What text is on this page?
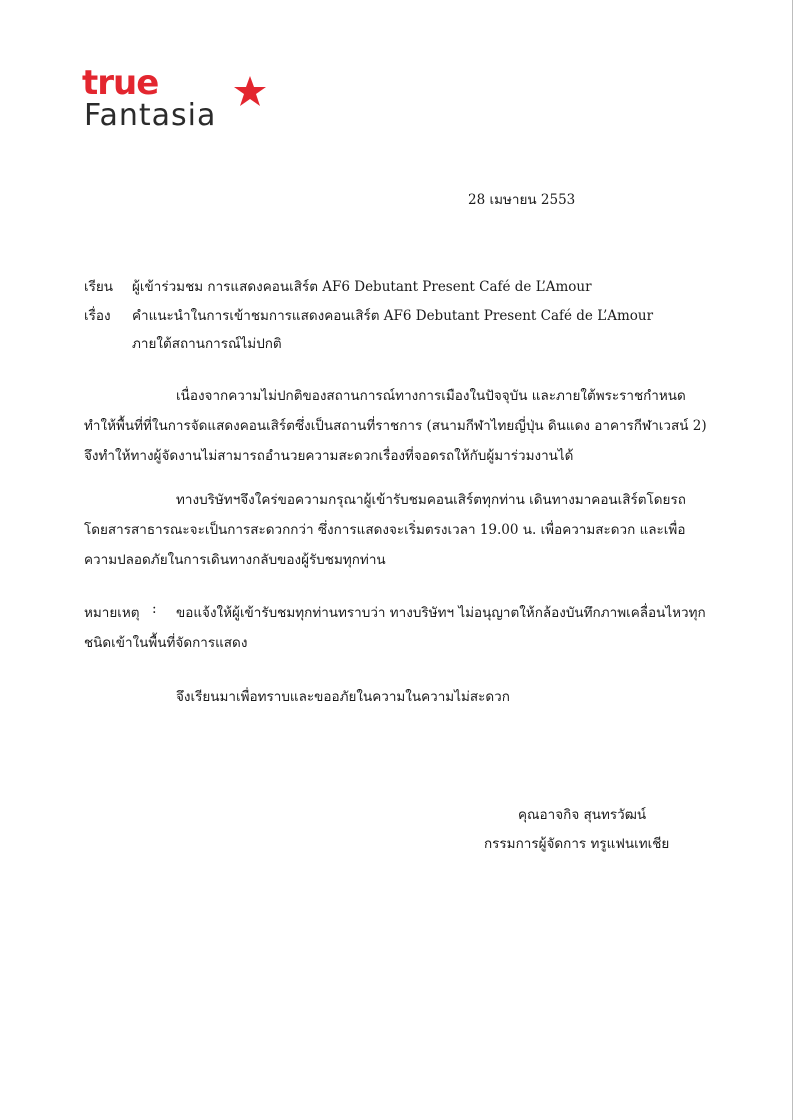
true
Fantasia
28 เมษายน 2553
เรียน ผู้เข้าร่วมชม การแสดงคอนเสิร์ต AF6 Debutant Present Café de L’Amour
เรื่อง คำแนะนำในการเข้าชมการแสดงคอนเสิร์ต AF6 Debutant Present Café de L’Amour
ภายใต้สถานการณ์ไม่ปกติ
เนื่องจากความไม่ปกติของสถานการณ์ทางการเมืองในปัจจุบัน และภายใต้พระราชกำหนด
ทำให้พื้นที่ที่ในการจัดแสดงคอนเสิร์ตซึ่งเป็นสถานที่ราชการ (สนามกีฬาไทยญี่ปุ่น ดินแดง อาคารกีฬาเวสน์ 2)
จึงทำให้ทางผู้จัดงานไม่สามารถอำนวยความสะดวกเรื่องที่จอดรถให้กับผู้มาร่วมงานได้
ทางบริษัทฯจึงใคร่ขอความกรุณาผู้เข้ารับชมคอนเสิร์ตทุกท่าน เดินทางมาคอนเสิร์ตโดยรถ
โดยสารสาธารณะจะเป็นการสะดวกกว่า ซึ่งการแสดงจะเริ่มตรงเวลา 19.00 น. เพื่อความสะดวก และเพื่อ
ความปลอดภัยในการเดินทางกลับของผู้รับชมทุกท่าน
หมายเหตุ : ขอแจ้งให้ผู้เข้ารับชมทุกท่านทราบว่า ทางบริษัทฯ ไม่อนุญาตให้กล้องบันทึกภาพเคลื่อนไหวทุก
ชนิดเข้าในพื้นที่จัดการแสดง
จึงเรียนมาเพื่อทราบและขออภัยในความในความไม่สะดวก
คุณอาจกิจ สุนทรวัฒน์
กรรมการผู้จัดการ ทรูแฟนเทเชีย
